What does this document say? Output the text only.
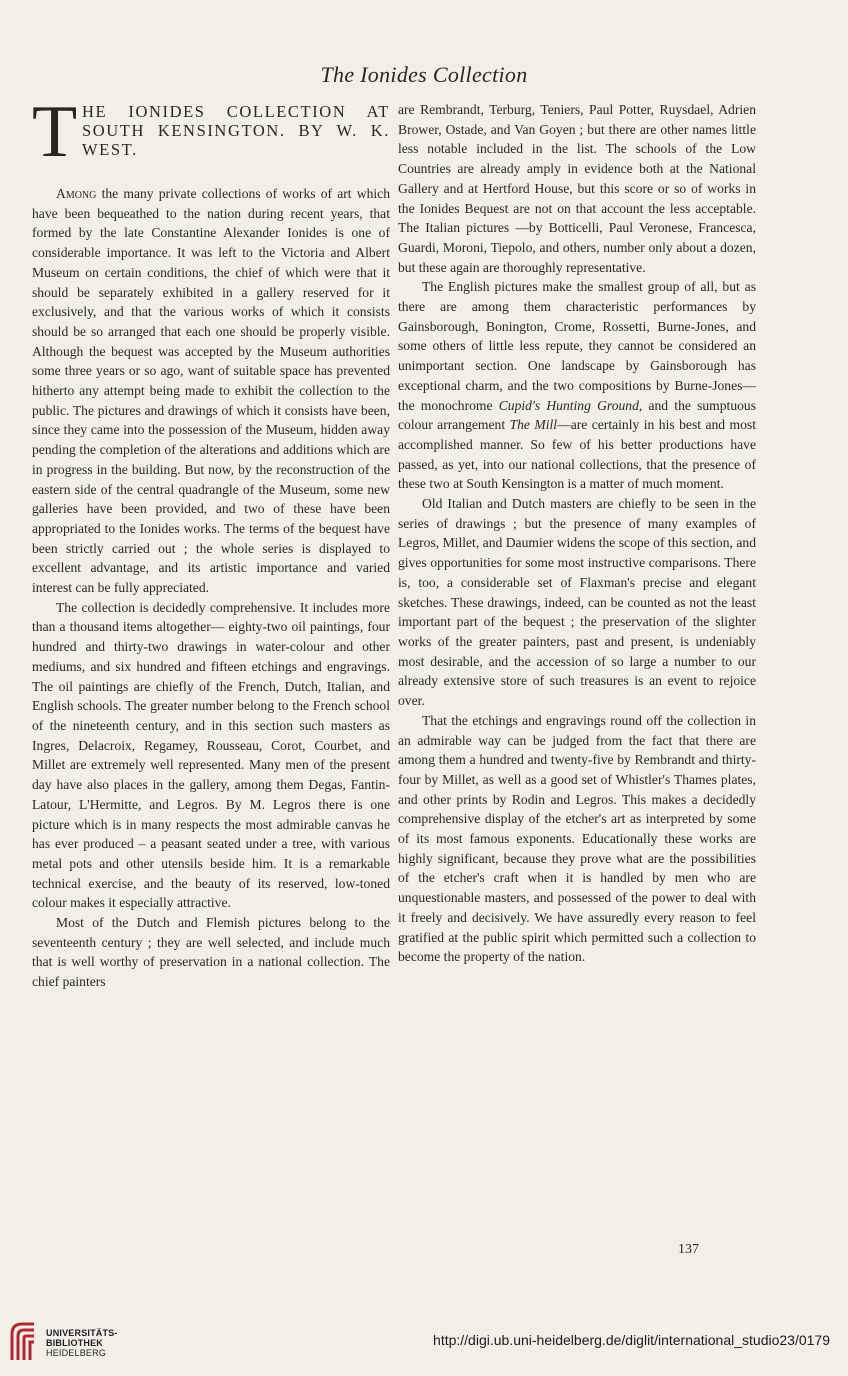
The Ionides Collection
T HE IONIDES COLLECTION AT SOUTH KENSINGTON. BY W. K. WEST.

Among the many private collections of works of art which have been bequeathed to the nation during recent years, that formed by the late Constantine Alexander Ionides is one of considerable importance. It was left to the Victoria and Albert Museum on certain conditions, the chief of which were that it should be separately exhibited in a gallery reserved for it exclusively, and that the various works of which it consists should be so arranged that each one should be properly visible. Although the bequest was accepted by the Museum authorities some three years or so ago, want of suitable space has prevented hitherto any attempt being made to exhibit the collection to the public. The pictures and drawings of which it consists have been, since they came into the possession of the Museum, hidden away pending the completion of the alterations and additions which are in progress in the building. But now, by the reconstruction of the eastern side of the central quadrangle of the Museum, some new galleries have been provided, and two of these have been appropriated to the Ionides works. The terms of the bequest have been strictly carried out ; the whole series is displayed to excellent advantage, and its artistic importance and varied interest can be fully appreciated.

The collection is decidedly comprehensive. It includes more than a thousand items altogether— eighty-two oil paintings, four hundred and thirty-two drawings in water-colour and other mediums, and six hundred and fifteen etchings and engravings. The oil paintings are chiefly of the French, Dutch, Italian, and English schools. The greater number belong to the French school of the nineteenth century, and in this section such masters as Ingres, Delacroix, Regamey, Rousseau, Corot, Courbet, and Millet are extremely well represented. Many men of the present day have also places in the gallery, among them Degas, Fantin-Latour, L'Hermitte, and Legros. By M. Legros there is one picture which is in many respects the most admirable canvas he has ever produced – a peasant seated under a tree, with various metal pots and other utensils beside him. It is a remarkable technical exercise, and the beauty of its reserved, low-toned colour makes it especially attractive.

Most of the Dutch and Flemish pictures belong to the seventeenth century ; they are well selected, and include much that is well worthy of preservation in a national collection. The chief painters

are Rembrandt, Terburg, Teniers, Paul Potter, Ruysdael, Adrien Brower, Ostade, and Van Goyen ; but there are other names little less notable included in the list. The schools of the Low Countries are already amply in evidence both at the National Gallery and at Hertford House, but this score or so of works in the Ionides Bequest are not on that account the less acceptable. The Italian pictures —by Botticelli, Paul Veronese, Francesca, Guardi, Moroni, Tiepolo, and others, number only about a dozen, but these again are thoroughly representative.

The English pictures make the smallest group of all, but as there are among them characteristic performances by Gainsborough, Bonington, Crome, Rossetti, Burne-Jones, and some others of little less repute, they cannot be considered an unimportant section. One landscape by Gainsborough has exceptional charm, and the two compositions by Burne-Jones—the monochrome Cupid's Hunting Ground, and the sumptuous colour arrangement The Mill—are certainly in his best and most accomplished manner. So few of his better productions have passed, as yet, into our national collections, that the presence of these two at South Kensington is a matter of much moment.

Old Italian and Dutch masters are chiefly to be seen in the series of drawings ; but the presence of many examples of Legros, Millet, and Daumier widens the scope of this section, and gives opportunities for some most instructive comparisons. There is, too, a considerable set of Flaxman's precise and elegant sketches. These drawings, indeed, can be counted as not the least important part of the bequest ; the preservation of the slighter works of the greater painters, past and present, is undeniably most desirable, and the accession of so large a number to our already extensive store of such treasures is an event to rejoice over.

That the etchings and engravings round off the collection in an admirable way can be judged from the fact that there are among them a hundred and twenty-five by Rembrandt and thirty-four by Millet, as well as a good set of Whistler's Thames plates, and other prints by Rodin and Legros. This makes a decidedly comprehensive display of the etcher's art as interpreted by some of its most famous exponents. Educationally these works are highly significant, because they prove what are the possibilities of the etcher's craft when it is handled by men who are unquestionable masters, and possessed of the power to deal with it freely and decisively. We have assuredly every reason to feel gratified at the public spirit which permitted such a collection to become the property of the nation.

137
UNIVERSITÄTS-
BIBLIOTHEK
HEIDELBERG
http://digi.ub.uni-heidelberg.de/diglit/international_studio23/0179
